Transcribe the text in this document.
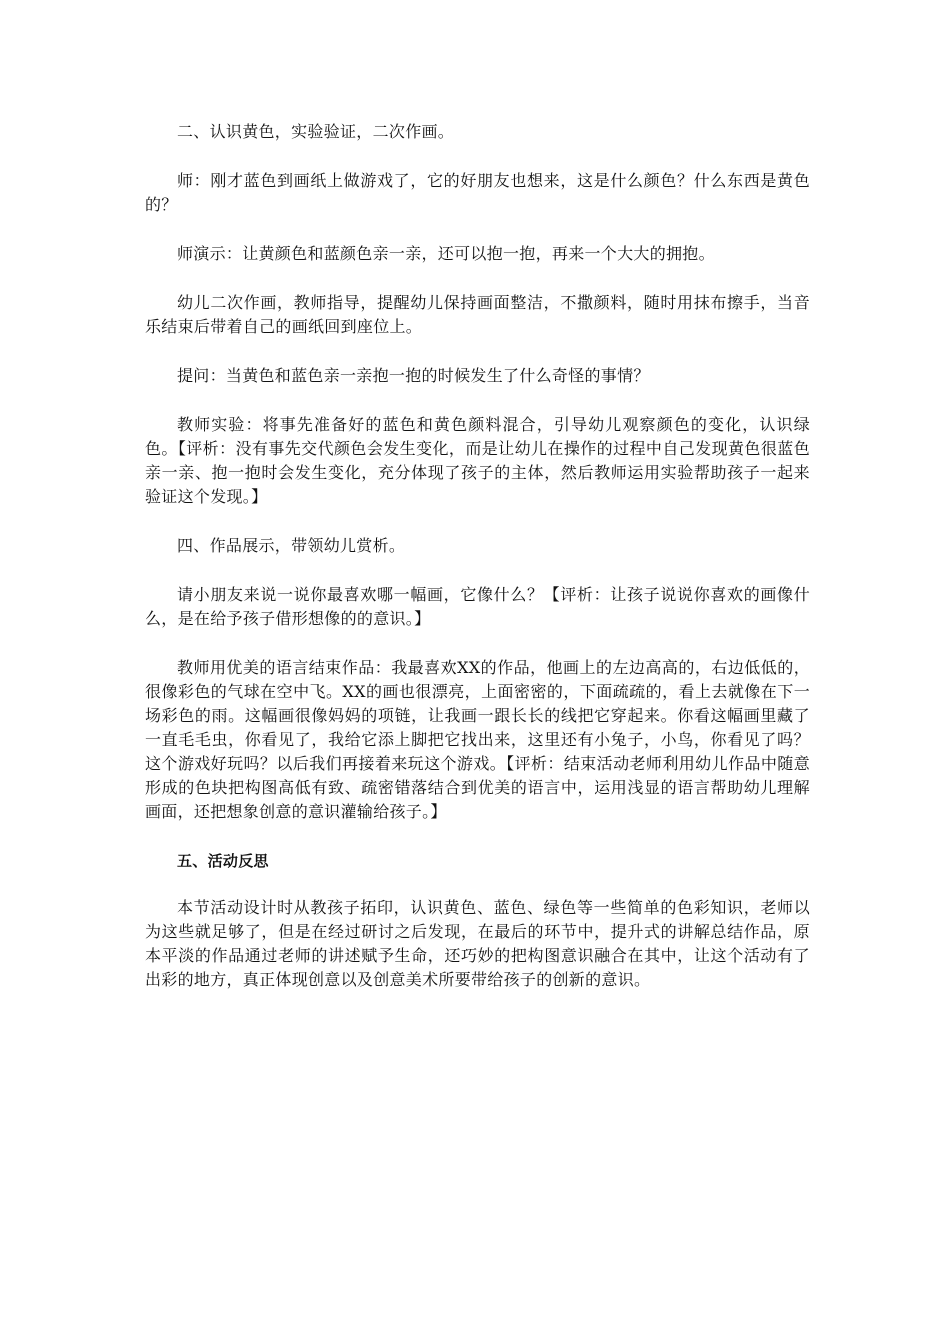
二、认识黄色，实验验证，二次作画。

师：刚才蓝色到画纸上做游戏了，它的好朋友也想来，这是什么颜色？什么东西是黄色的？

师演示：让黄颜色和蓝颜色亲一亲，还可以抱一抱，再来一个大大的拥抱。

幼儿二次作画，教师指导，提醒幼儿保持画面整洁，不撒颜料，随时用抹布擦手，当音乐结束后带着自己的画纸回到座位上。

提问：当黄色和蓝色亲一亲抱一抱的时候发生了什么奇怪的事情？

教师实验：将事先准备好的蓝色和黄色颜料混合，引导幼儿观察颜色的变化，认识绿色。【评析：没有事先交代颜色会发生变化，而是让幼儿在操作的过程中自己发现黄色很蓝色亲一亲、抱一抱时会发生变化，充分体现了孩子的主体，然后教师运用实验帮助孩子一起来验证这个发现。】

四、作品展示，带领幼儿赏析。

请小朋友来说一说你最喜欢哪一幅画，它像什么？【评析：让孩子说说你喜欢的画像什么，是在给予孩子借形想像的的意识。】

教师用优美的语言结束作品：我最喜欢XX的作品，他画上的左边高高的，右边低低的，很像彩色的气球在空中飞。XX的画也很漂亮，上面密密的，下面疏疏的，看上去就像在下一场彩色的雨。这幅画很像妈妈的项链，让我画一跟长长的线把它穿起来。你看这幅画里藏了一直毛毛虫，你看见了，我给它添上脚把它找出来，这里还有小兔子，小鸟，你看见了吗？这个游戏好玩吗？以后我们再接着来玩这个游戏。【评析：结束活动老师利用幼儿作品中随意形成的色块把构图高低有致、疏密错落结合到优美的语言中，运用浅显的语言帮助幼儿理解画面，还把想象创意的意识灌输给孩子。】

五、活动反思

本节活动设计时从教孩子拓印，认识黄色、蓝色、绿色等一些简单的色彩知识，老师以为这些就足够了，但是在经过研讨之后发现，在最后的环节中，提升式的讲解总结作品，原本平淡的作品通过老师的讲述赋予生命，还巧妙的把构图意识融合在其中，让这个活动有了出彩的地方，真正体现创意以及创意美术所要带给孩子的创新的意识。
